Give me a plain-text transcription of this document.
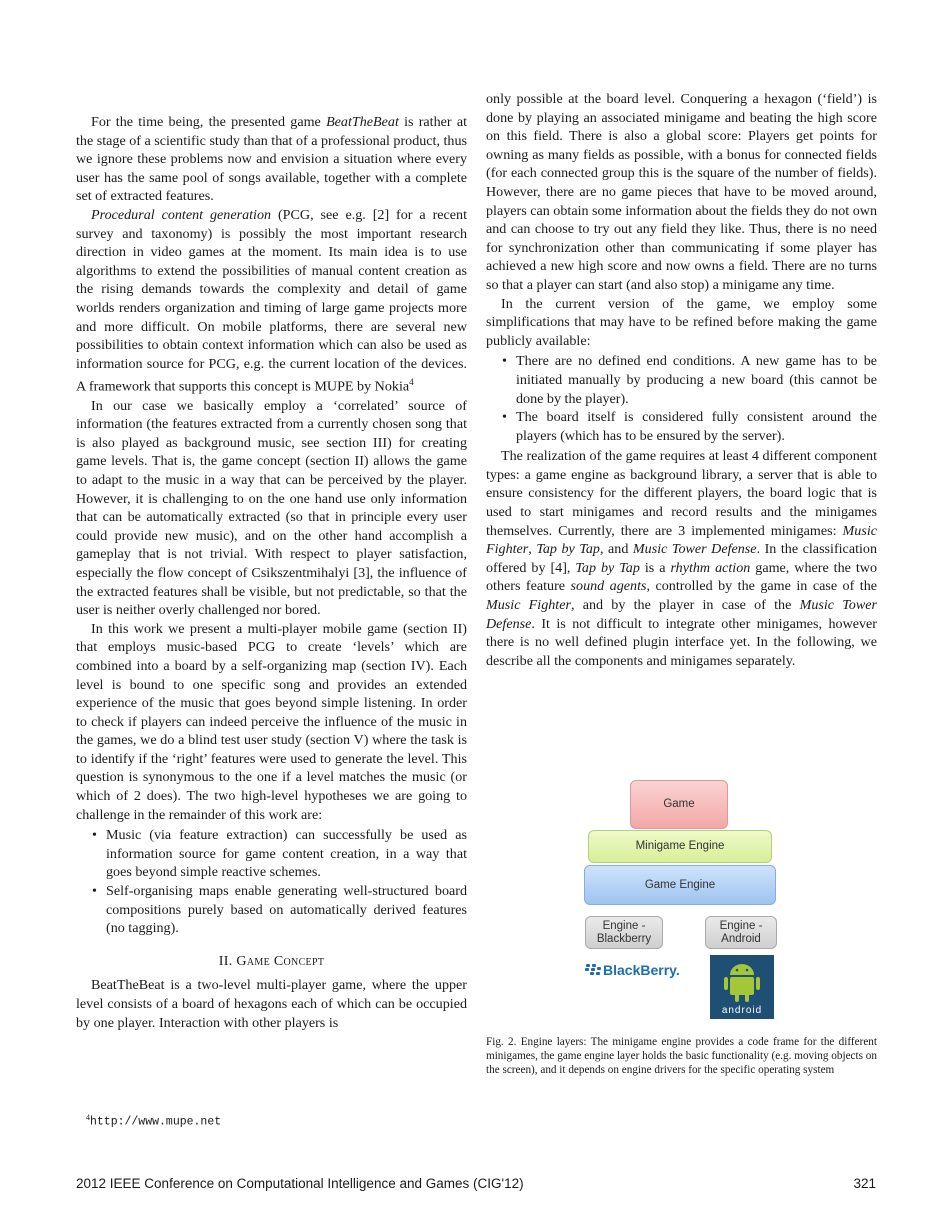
For the time being, the presented game BeatTheBeat is rather at the stage of a scientific study than that of a professional product, thus we ignore these problems now and envision a situation where every user has the same pool of songs available, together with a complete set of extracted features.

Procedural content generation (PCG, see e.g. [2] for a recent survey and taxonomy) is possibly the most important research direction in video games at the moment. Its main idea is to use algorithms to extend the possibilities of manual content creation as the rising demands towards the complexity and detail of game worlds renders organization and timing of large game projects more and more difficult. On mobile platforms, there are several new possibilities to obtain context information which can also be used as information source for PCG, e.g. the current location of the devices. A framework that supports this concept is MUPE by Nokia$^4$

In our case we basically employ a ‘correlated’ source of information (the features extracted from a currently chosen song that is also played as background music, see section III) for creating game levels. That is, the game concept (section II) allows the game to adapt to the music in a way that can be perceived by the player. However, it is challenging to on the one hand use only information that can be automatically extracted (so that in principle every user could provide new music), and on the other hand accomplish a gameplay that is not trivial. With respect to player satisfaction, especially the flow concept of Csikszentmihalyi [3], the influence of the extracted features shall be visible, but not predictable, so that the user is neither overly challenged nor bored.

In this work we present a multi-player mobile game (section II) that employs music-based PCG to create ‘levels’ which are combined into a board by a self-organizing map (section IV). Each level is bound to one specific song and provides an extended experience of the music that goes beyond simple listening. In order to check if players can indeed perceive the influence of the music in the games, we do a blind test user study (section V) where the task is to identify if the ‘right’ features were used to generate the level. This question is synonymous to the one if a level matches the music (or which of 2 does). The two high-level hypotheses we are going to challenge in the remainder of this work are:

• Music (via feature extraction) can successfully be used as information source for game content creation, in a way that goes beyond simple reactive schemes.
• Self-organising maps enable generating well-structured board compositions purely based on automatically derived features (no tagging).
II. Game Concept

BeatTheBeat is a two-level multi-player game, where the upper level consists of a board of hexagons each of which can be occupied by one player. Interaction with other players is

only possible at the board level. Conquering a hexagon (‘field’) is done by playing an associated minigame and beating the high score on this field. There is also a global score: Players get points for owning as many fields as possible, with a bonus for connected fields (for each connected group this is the square of the number of fields). However, there are no game pieces that have to be moved around, players can obtain some information about the fields they do not own and can choose to try out any field they like. Thus, there is no need for synchronization other than communicating if some player has achieved a new high score and now owns a field. There are no turns so that a player can start (and also stop) a minigame any time.

In the current version of the game, we employ some simplifications that may have to be refined before making the game publicly available:

• There are no defined end conditions. A new game has to be initiated manually by producing a new board (this cannot be done by the player).
• The board itself is considered fully consistent around the players (which has to be ensured by the server).

The realization of the game requires at least 4 different component types: a game engine as background library, a server that is able to ensure consistency for the different players, the board logic that is used to start minigames and record results and the minigames themselves. Currently, there are 3 implemented minigames: Music Fighter, Tap by Tap, and Music Tower Defense. In the classification offered by [4], Tap by Tap is a rhythm action game, where the two others feature sound agents, controlled by the game in case of the Music Fighter, and by the player in case of the Music Tower Defense. It is not difficult to integrate other minigames, however there is no well defined plugin interface yet. In the following, we describe all the components and minigames separately.

Game
Minigame Engine
Game Engine
Engine -
Blackberry
Engine -
Android
BlackBerry.
android
Fig. 2. Engine layers: The minigame engine provides a code frame for the different minigames, the game engine layer holds the basic functionality (e.g. moving objects on the screen), and it depends on engine drivers for the specific operating system
$^4$http://www.mupe.net
2012 IEEE Conference on Computational Intelligence and Games (CIG'12)	321
